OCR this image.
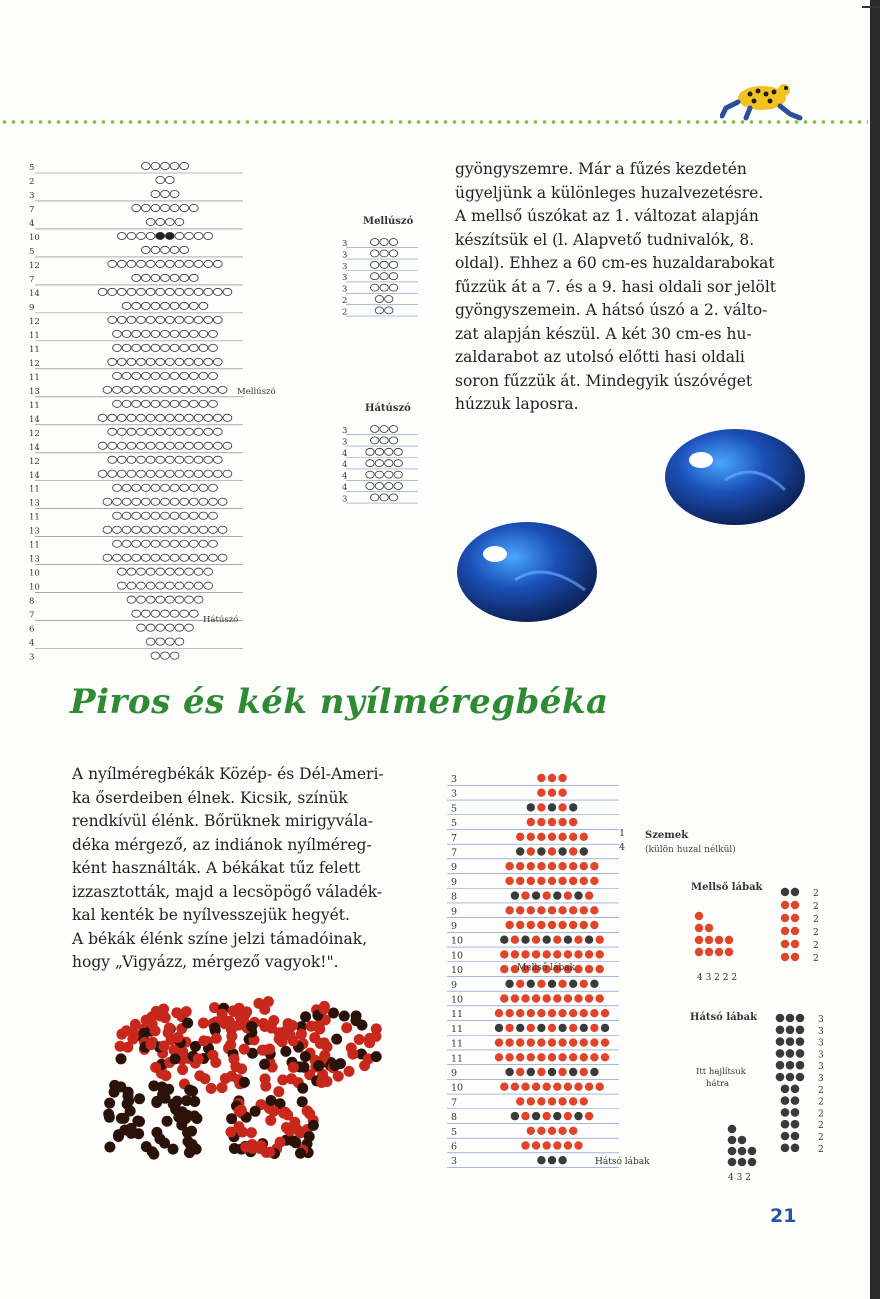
5
2
3
7
4
10
5
12
7
14
9
12
11
11
12
11
13
11
14
12
14
12
14
11
13
11
13
11
13
10
10
8
7
6
4
3
Mellúszó
Hátúszó
Mellúszó
3
3
3
3
3
2
2
Hátúszó
3
3
4
4
4
4
3
gyöngyszemre. Már a fűzés kezdetén
ügyeljünk a különleges huzalvezetésre.
A mellső úszókat az 1. változat alapján
készítsük el (l. Alapvető tudnivalók, 8.
oldal). Ehhez a 60 cm-es huzaldarabokat
fűzzük át a 7. és a 9. hasi oldali sor jelölt
gyöngyszemein. A hátsó úszó a 2. válto-
zat alapján készül. A két 30 cm-es hu-
zaldarabot az utolsó előtti hasi oldali
soron fűzzük át. Mindegyik úszóvéget
húzzuk laposra.
Piros és kék nyílméregbéka
A nyílméregbékák Közép- és Dél-Ameri-
ka őserdeiben élnek. Kicsik, színük
rendkívül élénk. Bőrüknek mirigyvála-
déka mérgező, az indiánok nyílméreg-
ként használták. A békákat tűz felett
izzasztották, majd a lecsöpögő váladék-
kal kenték be nyílvesszejük hegyét.
A békák élénk színe jelzi támadóinak,
hogy „Vigyázz, mérgező vagyok!".
3
3
5
5
7
7
9
9
8
9
9
10
10
10
9
10
11
11
11
11
9
10
7
8
5
6
3
Szemek
(külön huzal nélkül)
1
4
Mellső lábak
Hátsó lábak
Mellső lábak
2
2
2
2
2
2
4 3 2 2 2
Hátsó lábak
Itt hajlítsuk
hátra
3
3
3
3
3
3
2
2
2
2
2
2
4 3 2
21
